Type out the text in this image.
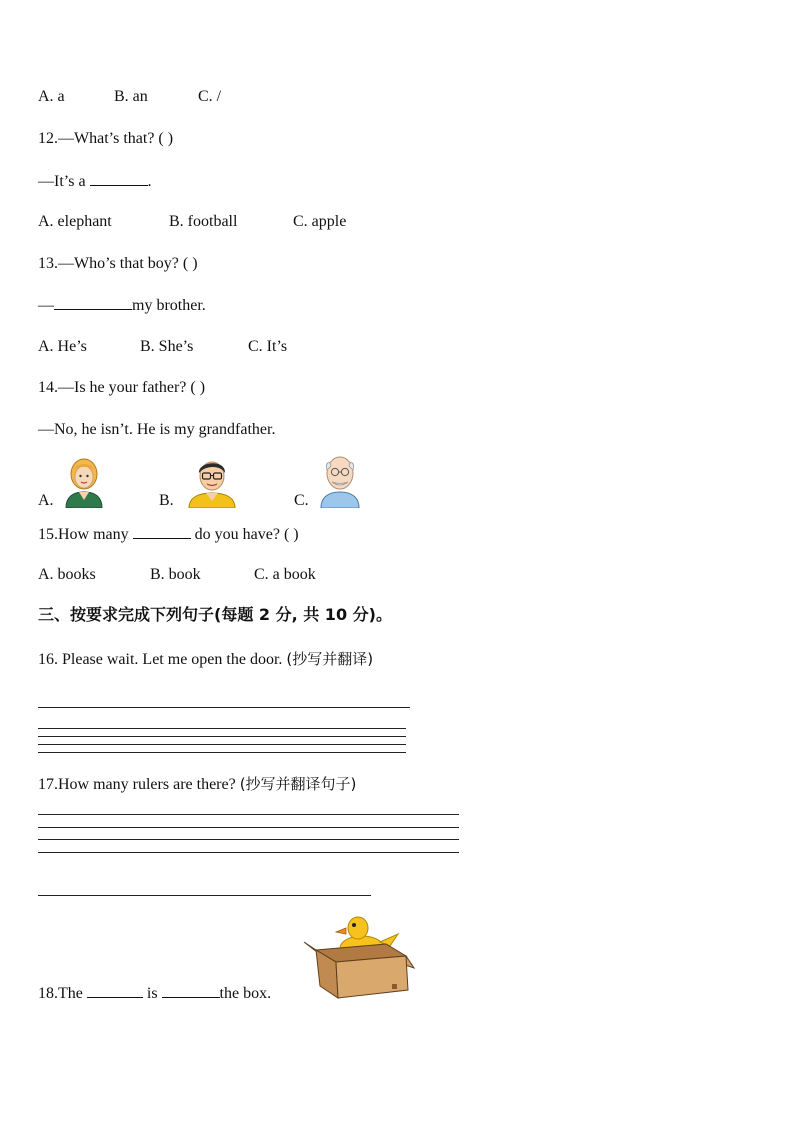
A. a	B. an	C. /
12.—What’s that? ( )
—It’s a	.
A. elephant	B. football	C. apple
13.—Who’s that boy? ( )
—	my brother.
A. He’s	B. She’s	C. It’s
14.—Is he your father? ( )
—No, he isn’t. He is my grandfather.
A.	B.	C.
15.How many	do you have? ( )
A. books	B. book	C. a book
三、按要求完成下列句子(每题 2 分, 共 10 分)。
16. Please wait. Let me open the door. (抄写并翻译)
17.How many rulers are there? (抄写并翻译句子)
18.The	is	the box.
